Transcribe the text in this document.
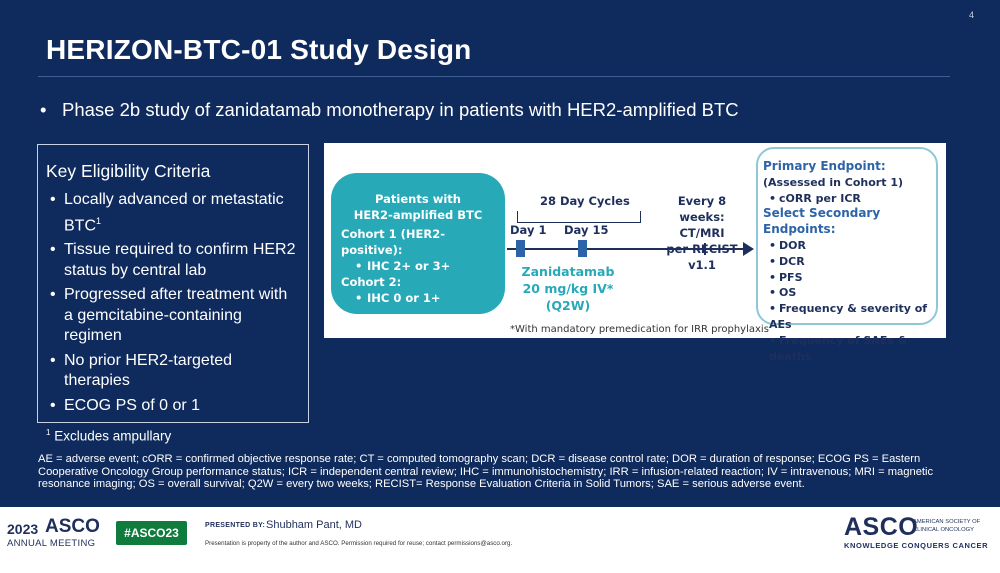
4
HERIZON-BTC-01 Study Design
• Phase 2b study of zanidatamab monotherapy in patients with HER2-amplified BTC
Key Eligibility Criteria
• Locally advanced or metastatic BTC$^1$
• Tissue required to confirm HER2 status by central lab
• Progressed after treatment with a gemcitabine-containing regimen
• No prior HER2-targeted therapies
• ECOG PS of 0 or 1
$^1$ Excludes ampullary
AE = adverse event; cORR = confirmed objective response rate; CT = computed tomography scan; DCR = disease control rate; DOR = duration of response; ECOG PS = Eastern Cooperative Oncology Group performance status; ICR = independent central review; IHC = immunohistochemistry; IRR = infusion-related reaction; IV = intravenous; MRI = magnetic resonance imaging; OS = overall survival; Q2W = every two weeks; RECIST= Response Evaluation Criteria in Solid Tumors; SAE = serious adverse event.
Patients with
HER2-amplified BTC
Cohort 1 (HER2-positive):
• IHC 2+ or 3+
Cohort 2:
• IHC 0 or 1+
28 Day Cycles	Every 8 weeks:
CT/MRI
v1.1
Day 1 Day 15
Zanidatamab
20 mg/kg IV*
(Q2W)
*With mandatory premedication for IRR prophylaxis
Primary Endpoint:
(Assessed in Cohort 1)
• cORR per ICR
Select Secondary Endpoints:
• DOR
• DCR
• PFS
• OS
• Frequency & severity of AEs
• Frequency of SAEs & deaths
2023 ASCO
ANNUAL MEETING
#ASCO23
PRESENTED BY: Shubham Pant, MD
Presentation is property of the author and ASCO. Permission required for reuse; contact permissions@asco.org.
ASCO
AMERICAN SOCIETY OF
CLINICAL ONCOLOGY
KNOWLEDGE CONQUERS CANCER
